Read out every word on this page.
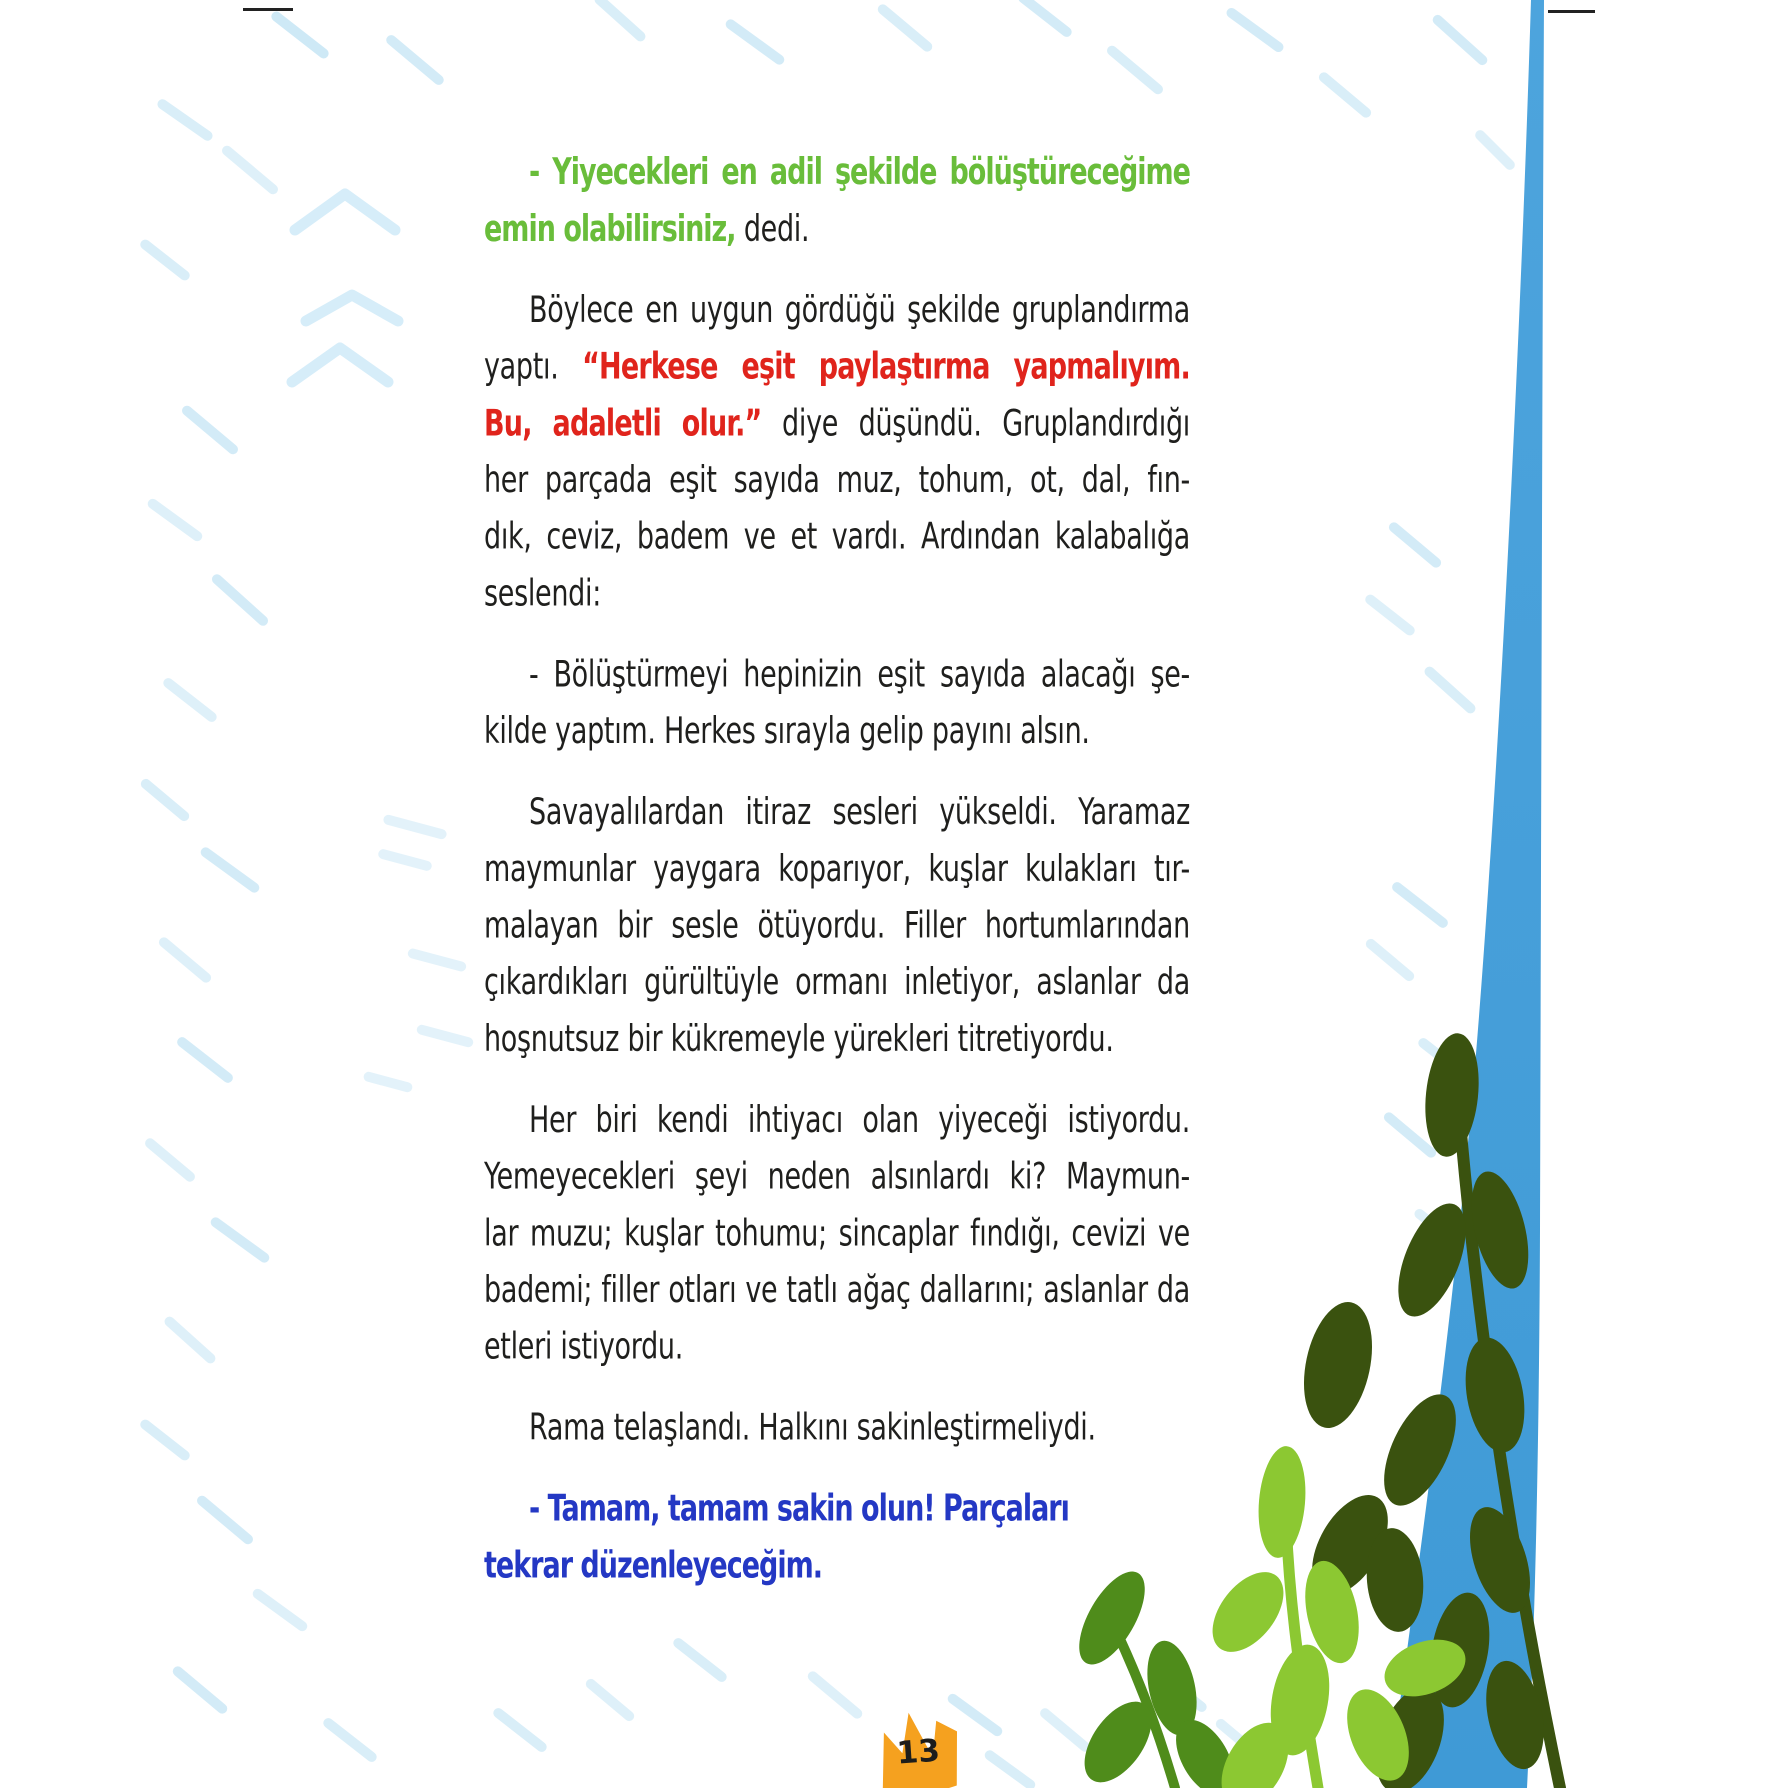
- Yiyecekleri en adil şekilde bölüştüreceğime
emin olabilirsiniz, dedi.
Böylece en uygun gördüğü şekilde gruplandırma
yaptı. “Herkese eşit paylaştırma yapmalıyım.
Bu, adaletli olur.” diye düşündü. Gruplandırdığı
her parçada eşit sayıda muz, tohum, ot, dal, fın-
dık, ceviz, badem ve et vardı. Ardından kalabalığa
seslendi:
- Bölüştürmeyi hepinizin eşit sayıda alacağı şe-
kilde yaptım. Herkes sırayla gelip payını alsın.
Savayalılardan itiraz sesleri yükseldi. Yaramaz
maymunlar yaygara koparıyor, kuşlar kulakları tır-
malayan bir sesle ötüyordu. Filler hortumlarından
çıkardıkları gürültüyle ormanı inletiyor, aslanlar da
hoşnutsuz bir kükremeyle yürekleri titretiyordu.
Her biri kendi ihtiyacı olan yiyeceği istiyordu.
Yemeyecekleri şeyi neden alsınlardı ki? Maymun-
lar muzu; kuşlar tohumu; sincaplar fındığı, cevizi ve
bademi; filler otları ve tatlı ağaç dallarını; aslanlar da
etleri istiyordu.
Rama telaşlandı. Halkını sakinleştirmeliydi.
- Tamam, tamam sakin olun! Parçaları
tekrar düzenleyeceğim.
13
